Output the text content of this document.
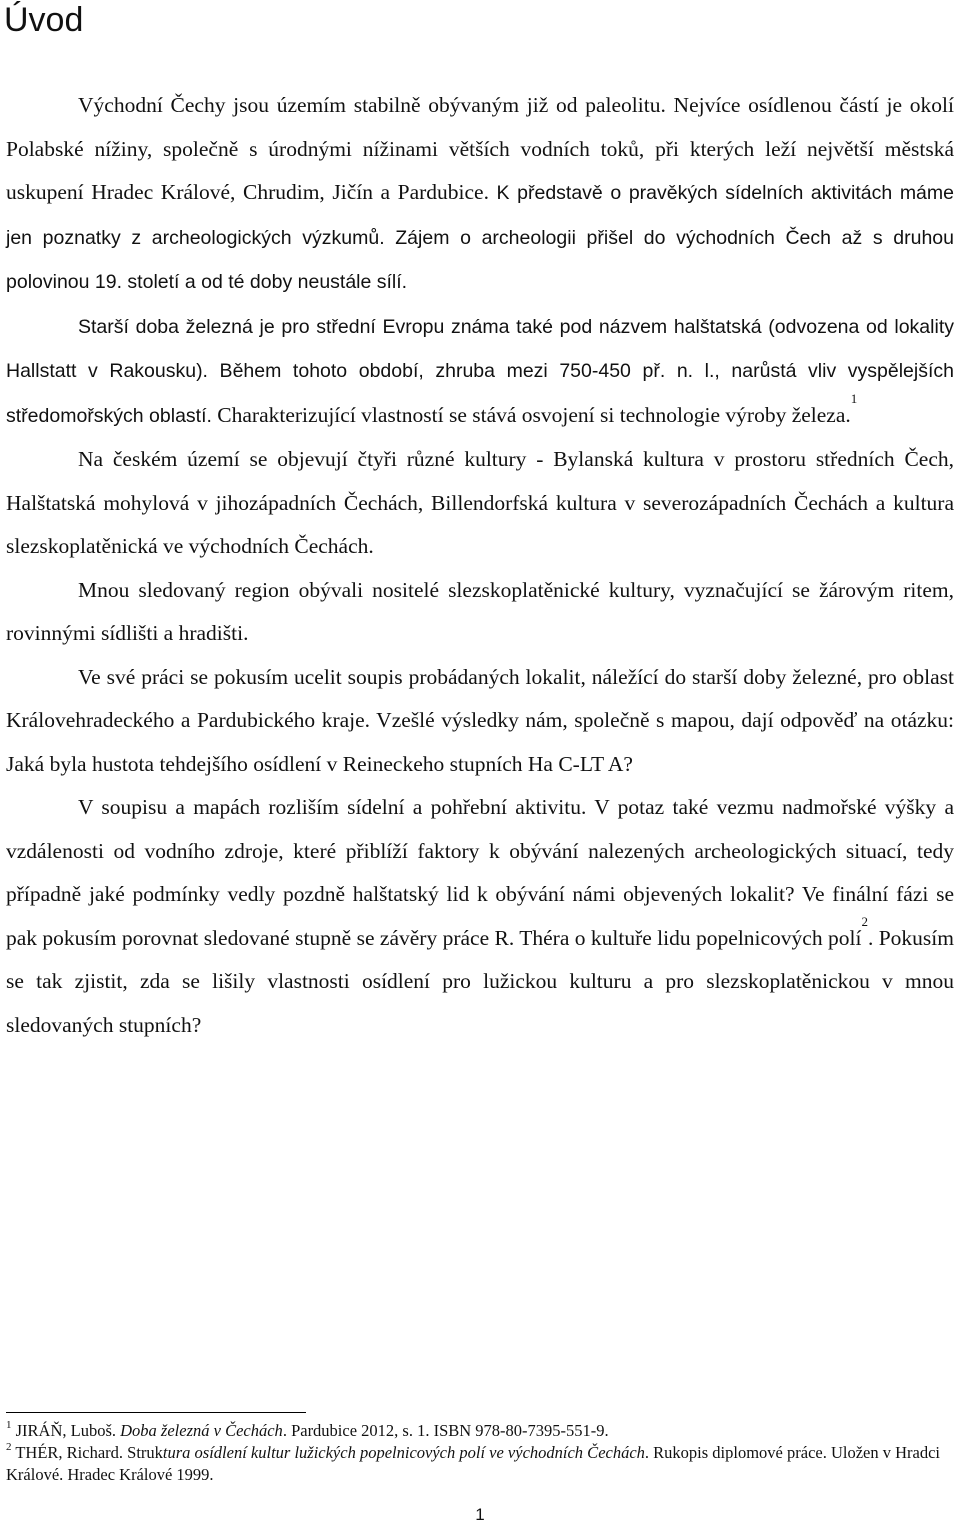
Úvod

Východní Čechy jsou územím stabilně obývaným již od paleolitu. Nejvíce osídlenou částí je okolí Polabské nížiny, společně s úrodnými nížinami větších vodních toků, při kterých leží největší městská uskupení Hradec Králové, Chrudim, Jičín a Pardubice. K představě o pravěkých sídelních aktivitách máme jen poznatky z archeologických výzkumů. Zájem o archeologii přišel do východních Čech až s druhou polovinou 19. století a od té doby neustále sílí.

Starší doba železná je pro střední Evropu známa také pod názvem halštatská (odvozena od lokality Hallstatt v Rakousku). Během tohoto období, zhruba mezi 750-450 př. n. l., narůstá vliv vyspělejších středomořských oblastí. Charakterizující vlastností se stává osvojení si technologie výroby železa.$^1$

Na českém území se objevují čtyři různé kultury - Bylanská kultura v prostoru středních Čech, Halštatská mohylová v jihozápadních Čechách, Billendorfská kultura v severozápadních Čechách a kultura slezskoplatěnická ve východních Čechách.

Mnou sledovaný region obývali nositelé slezskoplatěnické kultury, vyznačující se žárovým ritem, rovinnými sídlišti a hradišti.

Ve své práci se pokusím ucelit soupis probádaných lokalit, náležící do starší doby železné, pro oblast Královehradeckého a Pardubického kraje. Vzešlé výsledky nám, společně s mapou, dají odpověď na otázku: Jaká byla hustota tehdejšího osídlení v Reineckeho stupních Ha C-LT A?

V soupisu a mapách rozliším sídelní a pohřební aktivitu. V potaz také vezmu nadmořské výšky a vzdálenosti od vodního zdroje, které přiblíží faktory k obývání nalezených archeologických situací, tedy případně jaké podmínky vedly pozdně halštatský lid k obývání námi objevených lokalit? Ve finální fázi se pak pokusím porovnat sledované stupně se závěry práce R. Théra o kultuře lidu popelnicových polí$^2$. Pokusím se tak zjistit, zda se lišily vlastnosti osídlení pro lužickou kulturu a pro slezskoplatěnickou v mnou sledovaných stupních?

$^1$ JIRÁŇ, Luboš. Doba železná v Čechách. Pardubice 2012, s. 1. ISBN 978-80-7395-551-9.

$^2$ THÉR, Richard. Struktura osídlení kultur lužických popelnicových polí ve východních Čechách. Rukopis diplomové práce. Uložen v Hradci Králové. Hradec Králové 1999.

1
